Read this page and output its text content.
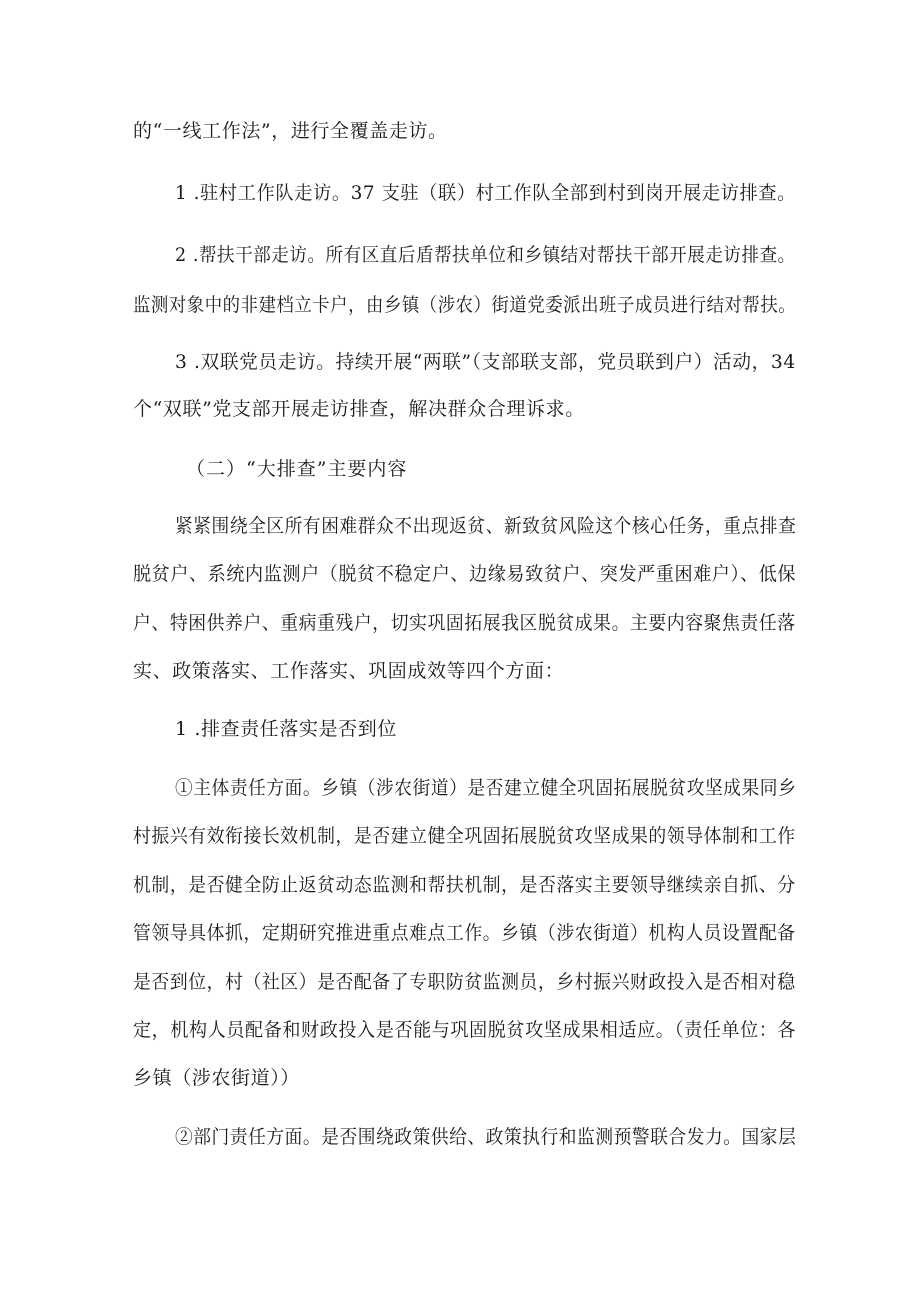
的“一线工作法”，进行全覆盖走访。
1 .驻村工作队走访。37 支驻（联）村工作队全部到村到岗开展走访排查。
2 .帮扶干部走访。所有区直后盾帮扶单位和乡镇结对帮扶干部开展走访排查。
监测对象中的非建档立卡户，由乡镇（涉农）街道党委派出班子成员进行结对帮扶。
3 .双联党员走访。持续开展“两联”（支部联支部，党员联到户）活动，34
个“双联”党支部开展走访排查，解决群众合理诉求。
（二）“大排查”主要内容
紧紧围绕全区所有困难群众不出现返贫、新致贫风险这个核心任务，重点排查
脱贫户、系统内监测户（脱贫不稳定户、边缘易致贫户、突发严重困难户）、低保
户、特困供养户、重病重残户，切实巩固拓展我区脱贫成果。主要内容聚焦责任落
实、政策落实、工作落实、巩固成效等四个方面：
1 .排查责任落实是否到位
①主体责任方面。乡镇（涉农街道）是否建立健全巩固拓展脱贫攻坚成果同乡
村振兴有效衔接长效机制，是否建立健全巩固拓展脱贫攻坚成果的领导体制和工作
机制，是否健全防止返贫动态监测和帮扶机制，是否落实主要领导继续亲自抓、分
管领导具体抓，定期研究推进重点难点工作。乡镇（涉农街道）机构人员设置配备
是否到位，村（社区）是否配备了专职防贫监测员，乡村振兴财政投入是否相对稳
定，机构人员配备和财政投入是否能与巩固脱贫攻坚成果相适应。（责任单位：各
乡镇（涉农街道））
②部门责任方面。是否围绕政策供给、政策执行和监测预警联合发力。国家层
